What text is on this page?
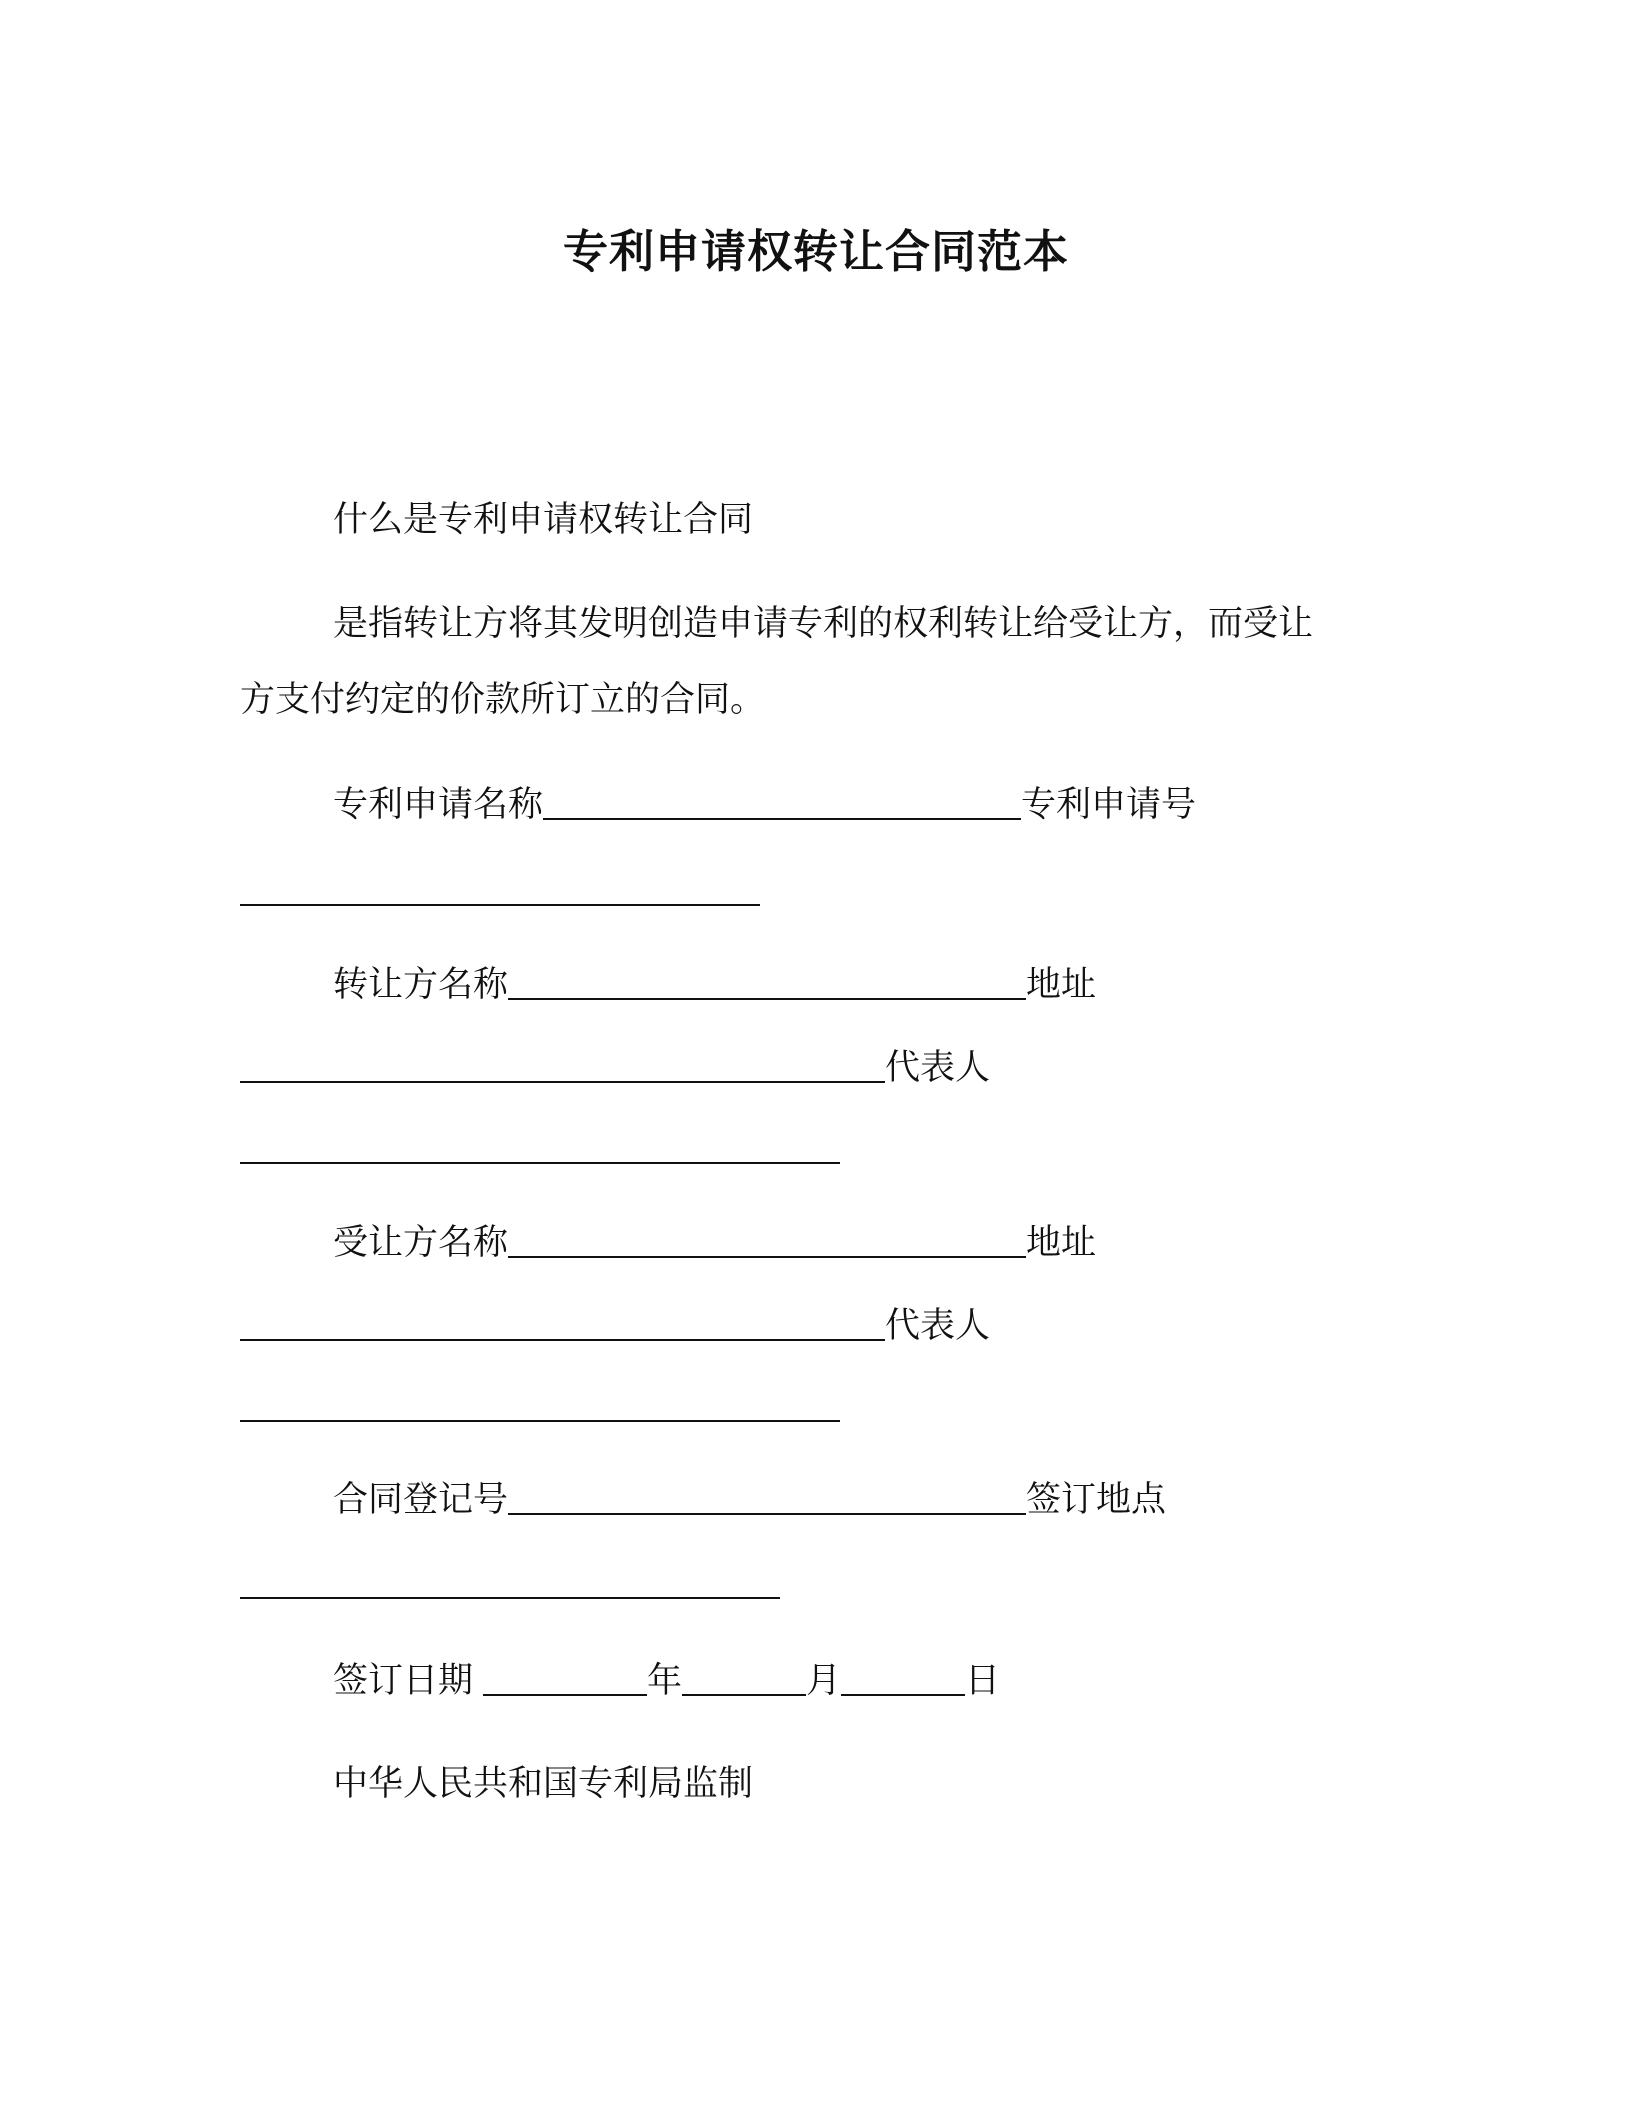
专利申请权转让合同范本
什么是专利申请权转让合同
是指转让方将其发明创造申请专利的权利转让给受让方，而受让
方支付约定的价款所订立的合同。
专利申请名称	专利申请号
转让方名称	地址
代表人
受让方名称	地址
代表人
合同登记号	签订地点
签订日期	年	月	日
中华人民共和国专利局监制
